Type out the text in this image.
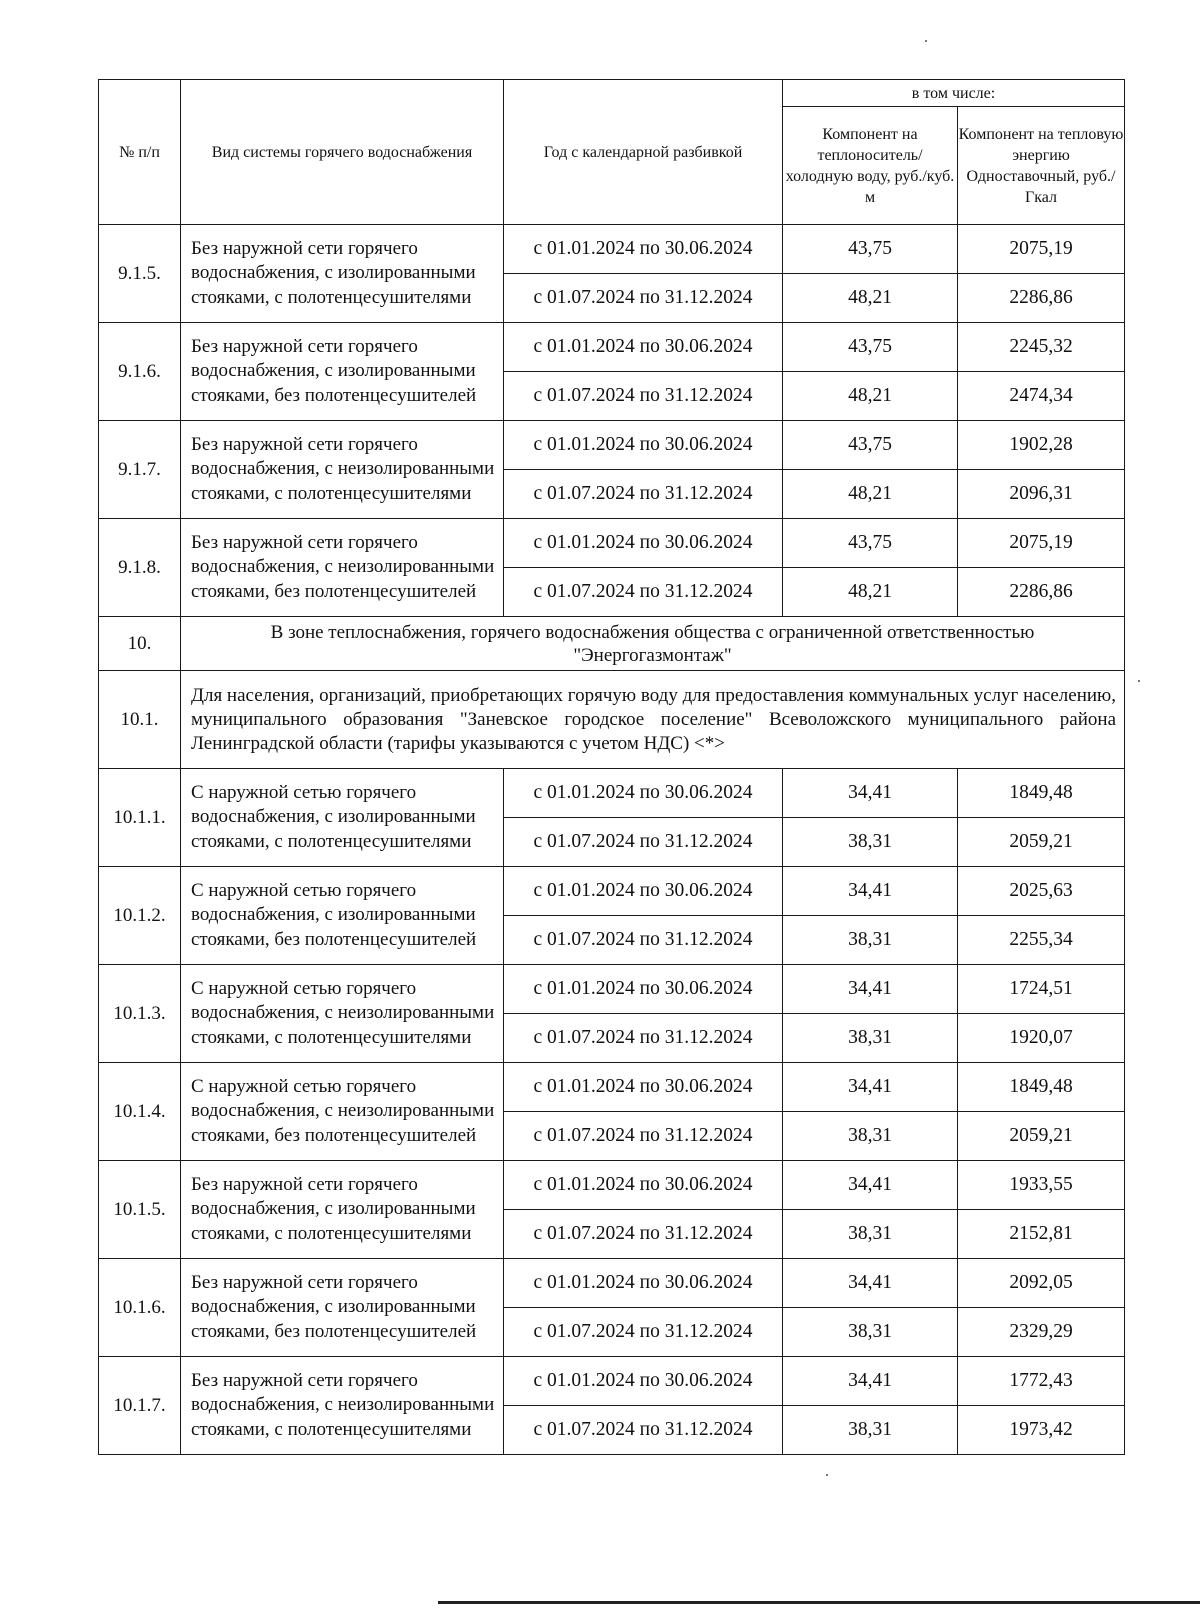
№ п/п	Вид системы горячего водоснабжения	Год с календарной разбивкой	в том числе:	
			Компонент на теплоноситель/ холодную воду, руб./куб. м	Компонент на тепловую энергию Одноставочный, руб./Гкал
9.1.5.	Без наружной сети горячего водоснабжения, с изолированными стояками, с полотенцесушителями	с 01.01.2024 по 30.06.2024	43,75	2075,19
		с 01.07.2024 по 31.12.2024	48,21	2286,86
9.1.6.	Без наружной сети горячего водоснабжения, с изолированными стояками, без полотенцесушителей	с 01.01.2024 по 30.06.2024	43,75	2245,32
		с 01.07.2024 по 31.12.2024	48,21	2474,34
9.1.7.	Без наружной сети горячего водоснабжения, с неизолированными стояками, с полотенцесушителями	с 01.01.2024 по 30.06.2024	43,75	1902,28
		с 01.07.2024 по 31.12.2024	48,21	2096,31
9.1.8.	Без наружной сети горячего водоснабжения, с неизолированными стояками, без полотенцесушителей	с 01.01.2024 по 30.06.2024	43,75	2075,19
		с 01.07.2024 по 31.12.2024	48,21	2286,86
10.	В зоне теплоснабжения, горячего водоснабжения общества с ограниченной ответственностью "Энергогазмонтаж"			
10.1.	Для населения, организаций, приобретающих горячую воду для предоставления коммунальных услуг населению, муниципального образования "Заневское городское поселение" Всеволожского муниципального района Ленинградской области (тарифы указываются с учетом НДС) <*>			
10.1.1.	С наружной сетью горячего водоснабжения, с изолированными стояками, с полотенцесушителями	с 01.01.2024 по 30.06.2024	34,41	1849,48
		с 01.07.2024 по 31.12.2024	38,31	2059,21
10.1.2.	С наружной сетью горячего водоснабжения, с изолированными стояками, без полотенцесушителей	с 01.01.2024 по 30.06.2024	34,41	2025,63
		с 01.07.2024 по 31.12.2024	38,31	2255,34
10.1.3.	С наружной сетью горячего водоснабжения, с неизолированными стояками, с полотенцесушителями	с 01.01.2024 по 30.06.2024	34,41	1724,51
		с 01.07.2024 по 31.12.2024	38,31	1920,07
10.1.4.	С наружной сетью горячего водоснабжения, с неизолированными стояками, без полотенцесушителей	с 01.01.2024 по 30.06.2024	34,41	1849,48
		с 01.07.2024 по 31.12.2024	38,31	2059,21
10.1.5.	Без наружной сети горячего водоснабжения, с изолированными стояками, с полотенцесушителями	с 01.01.2024 по 30.06.2024	34,41	1933,55
		с 01.07.2024 по 31.12.2024	38,31	2152,81
10.1.6.	Без наружной сети горячего водоснабжения, с изолированными стояками, без полотенцесушителей	с 01.01.2024 по 30.06.2024	34,41	2092,05
		с 01.07.2024 по 31.12.2024	38,31	2329,29
10.1.7.	Без наружной сети горячего водоснабжения, с неизолированными стояками, с полотенцесушителями	с 01.01.2024 по 30.06.2024	34,41	1772,43
		с 01.07.2024 по 31.12.2024	38,31	1973,42
